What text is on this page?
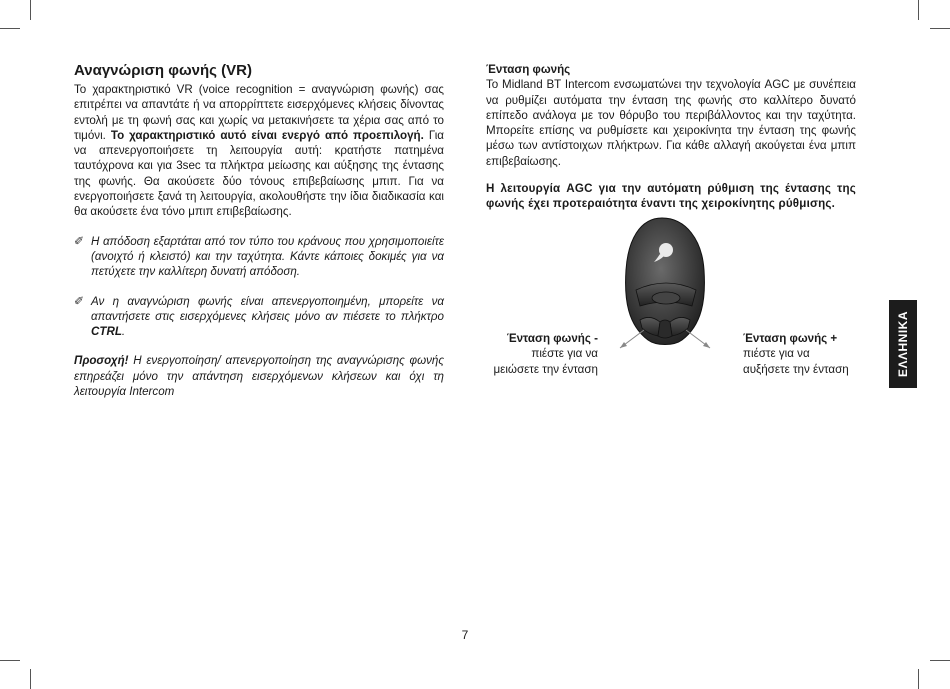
Αναγνώριση φωνής (VR)

Το χαρακτηριστικό VR (voice recognition = αναγνώριση φωνής) σας επιτρέπει να απαντάτε ή να απορρίπτετε εισερχόμενες κλήσεις δίνοντας εντολή με τη φωνή σας και χωρίς να μετακινήσετε τα χέρια σας από το τιμόνι. Το χαρακτηριστικό αυτό είναι ενεργό από προεπιλογή. Για να απενεργοποιήσετε τη λειτουργία αυτή: κρατήστε πατημένα ταυτόχρονα και για 3sec τα πλήκτρα μείωσης και αύξησης της έντασης της φωνής. Θα ακούσετε δύο τόνους επιβεβαίωσης μπιπ. Για να ενεργοποιήσετε ξανά τη λειτουργία, ακολουθήστε την ίδια διαδικασία και θα ακούσετε ένα τόνο μπιπ επιβεβαίωσης.

✐ Η απόδοση εξαρτάται από τον τύπο του κράνους που χρησιμοποιείτε (ανοιχτό ή κλειστό) και την ταχύτητα. Κάντε κάποιες δοκιμές για να πετύχετε την καλλίτερη δυνατή απόδοση.
✐ Αν η αναγνώριση φωνής είναι απενεργοποιημένη, μπορείτε να απαντήσετε στις εισερχόμενες κλήσεις μόνο αν πιέσετε το πλήκτρο CTRL.
Προσοχή! Η ενεργοποίηση/ απενεργοποίηση της αναγνώρισης φωνής επηρεάζει μόνο την απάντηση εισερχόμενων κλήσεων και όχι τη λειτουργία Intercom
Ένταση φωνής

Το Midland BT Intercom ενσωματώνει την τεχνολογία AGC με συνέπεια να ρυθμίζει αυτόματα την ένταση της φωνής στο καλλίτερο δυνατό επίπεδο ανάλογα με τον θόρυβο του περιβάλλοντος και την ταχύτητα. Μπορείτε επίσης να ρυθμίσετε και χειροκίνητα την ένταση της φωνής μέσω των αντίστοιχων πλήκτρων. Για κάθε αλλαγή ακούγεται ένα μπιπ επιβεβαίωσης.

Η λειτουργία AGC για την αυτόματη ρύθμιση της έντασης της φωνής έχει προτεραιότητα έναντι της χειροκίνητης ρύθμισης.

Ένταση φωνής -
πιέστε για να
μειώσετε την ένταση
Ένταση φωνής +
πιέστε για να
αυξήσετε την ένταση	ΕΛΛΗΝΙΚΑ
7
